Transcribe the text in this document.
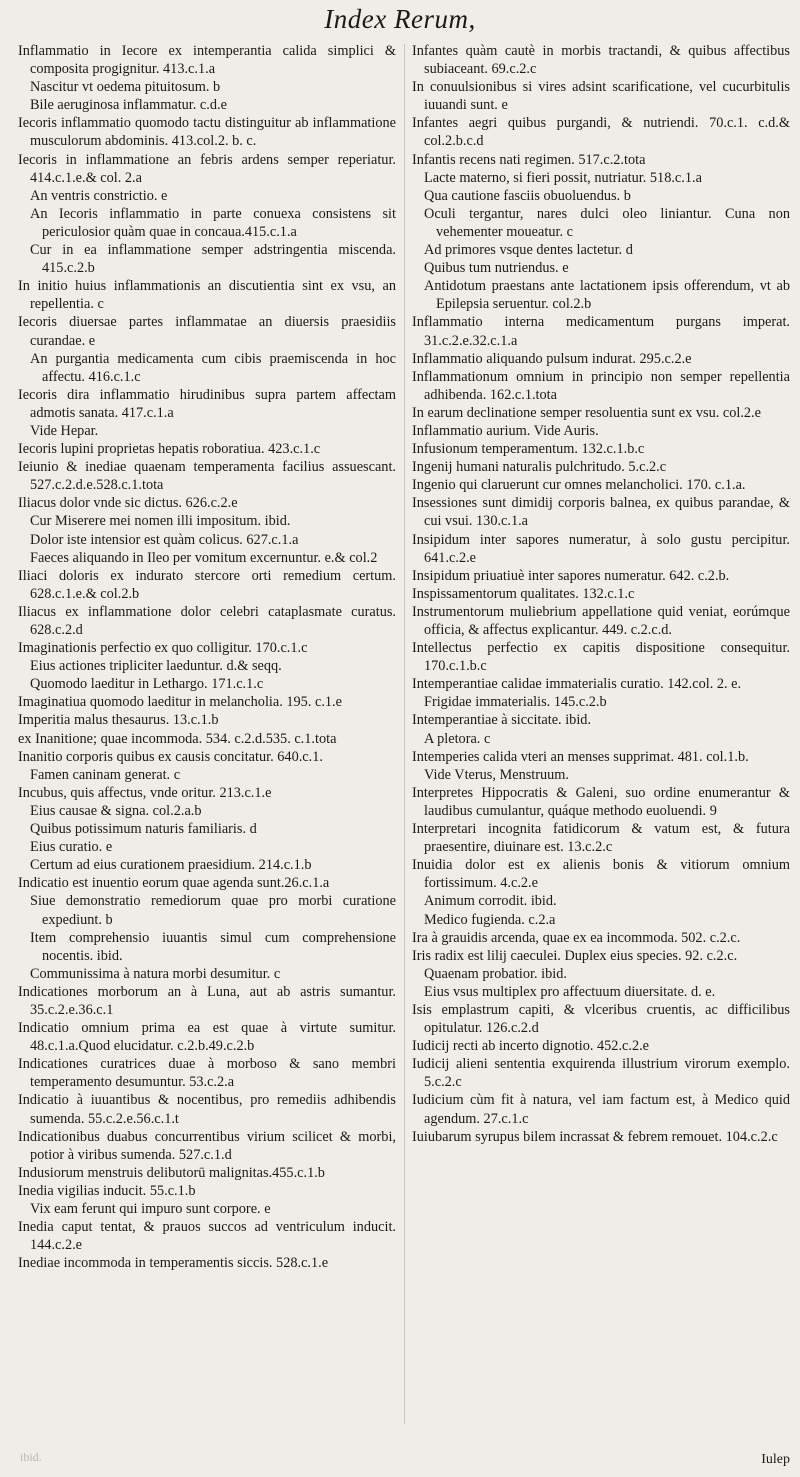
Index Rerum,
Inflammatio in Iecore ex intemperantia calida simplici & composita progignitur. 413.c.1.a
Nascitur vt oedema pituitosum. b
Bile aeruginosa inflammatur. c.d.e
Iecoris inflammatio quomodo tactu distinguitur ab inflammatione musculorum abdominis. 413.col.2. b. c.
Iecoris in inflammatione an febris ardens semper reperiatur. 414.c.1.e.& col. 2.a
An ventris constrictio. e
An Iecoris inflammatio in parte conuexa consistens sit periculosior quàm quae in concaua.415.c.1.a
Cur in ea inflammatione semper adstringentia miscenda. 415.c.2.b
In initio huius inflammationis an discutientia sint ex vsu, an repellentia. c
Iecoris diuersae partes inflammatae an diuersis praesidiis curandae. e
An purgantia medicamenta cum cibis praemiscenda in hoc affectu. 416.c.1.c
Iecoris dira inflammatio hirudinibus supra partem affectam admotis sanata. 417.c.1.a
Vide Hepar.
Iecoris lupini proprietas hepatis roboratiua. 423.c.1.c
Ieiunio & inediae quaenam temperamenta facilius assuescant. 527.c.2.d.e.528.c.1.tota
Iliacus dolor vnde sic dictus. 626.c.2.e
Cur Miserere mei nomen illi impositum. ibid.
Dolor iste intensior est quàm colicus. 627.c.1.a
Faeces aliquando in Ileo per vomitum excernuntur. e.& col.2
Iliaci doloris ex indurato stercore orti remedium certum. 628.c.1.e.& col.2.b
Iliacus ex inflammatione dolor celebri cataplasmate curatus. 628.c.2.d
Imaginationis perfectio ex quo colligitur. 170.c.1.c
Eius actiones tripliciter laeduntur. d.& seqq.
Quomodo laeditur in Lethargo. 171.c.1.c
Imaginatiua quomodo laeditur in melancholia. 195. c.1.e
Imperitia malus thesaurus. 13.c.1.b
ex Inanitione; quae incommoda. 534. c.2.d.535. c.1.tota
Inanitio corporis quibus ex causis concitatur. 640.c.1.
Famen caninam generat. c
Incubus, quis affectus, vnde oritur. 213.c.1.e
Eius causae & signa. col.2.a.b
Quibus potissimum naturis familiaris. d
Eius curatio. e
Certum ad eius curationem praesidium. 214.c.1.b
Indicatio est inuentio eorum quae agenda sunt.26.c.1.a
Siue demonstratio remediorum quae pro morbi curatione expediunt. b
Item comprehensio iuuantis simul cum comprehensione nocentis. ibid.
Communissima à natura morbi desumitur. c
Indicationes morborum an à Luna, aut ab astris sumantur. 35.c.2.e.36.c.1
Indicatio omnium prima ea est quae à virtute sumitur. 48.c.1.a.Quod elucidatur. c.2.b.49.c.2.b
Indicationes curatrices duae à morboso & sano membri temperamento desumuntur. 53.c.2.a
Indicatio à iuuantibus & nocentibus, pro remediis adhibendis sumenda. 55.c.2.e.56.c.1.t
Indicationibus duabus concurrentibus virium scilicet & morbi, potior à viribus sumenda. 527.c.1.d
Indusiorum menstruis delibutorū malignitas.455.c.1.b
Inedia vigilias inducit. 55.c.1.b
Vix eam ferunt qui impuro sunt corpore. e
Inedia caput tentat, & prauos succos ad ventriculum inducit. 144.c.2.e
Inediae incommoda in temperamentis siccis. 528.c.1.e
Infantes quàm cautè in morbis tractandi, & quibus affectibus subiaceant. 69.c.2.c
In conuulsionibus si vires adsint scarificatione, vel cucurbitulis iuuandi sunt. e
Infantes aegri quibus purgandi, & nutriendi. 70.c.1. c.d.& col.2.b.c.d
Infantis recens nati regimen. 517.c.2.tota
Lacte materno, si fieri possit, nutriatur. 518.c.1.a
Qua cautione fasciis obuoluendus. b
Oculi tergantur, nares dulci oleo liniantur. Cuna non vehementer moueatur. c
Ad primores vsque dentes lactetur. d
Quibus tum nutriendus. e
Antidotum praestans ante lactationem ipsis offerendum, vt ab Epilepsia seruentur. col.2.b
Inflammatio interna medicamentum purgans imperat. 31.c.2.e.32.c.1.a
Inflammatio aliquando pulsum indurat. 295.c.2.e
Inflammationum omnium in principio non semper repellentia adhibenda. 162.c.1.tota
In earum declinatione semper resoluentia sunt ex vsu. col.2.e
Inflammatio aurium. Vide Auris.
Infusionum temperamentum. 132.c.1.b.c
Ingenij humani naturalis pulchritudo. 5.c.2.c
Ingenio qui claruerunt cur omnes melancholici. 170. c.1.a.
Insessiones sunt dimidij corporis balnea, ex quibus parandae, & cui vsui. 130.c.1.a
Insipidum inter sapores numeratur, à solo gustu percipitur. 641.c.2.e
Insipidum priuatiuè inter sapores numeratur. 642. c.2.b.
Inspissamentorum qualitates. 132.c.1.c
Instrumentorum muliebrium appellatione quid veniat, eorúmque officia, & affectus explicantur. 449. c.2.c.d.
Intellectus perfectio ex capitis dispositione consequitur. 170.c.1.b.c
Intemperantiae calidae immaterialis curatio. 142.col. 2. e.
Frigidae immaterialis. 145.c.2.b
Intemperantiae à siccitate. ibid.
A pletora. c
Intemperies calida vteri an menses supprimat. 481. col.1.b.
Vide Vterus, Menstruum.
Interpretes Hippocratis & Galeni, suo ordine enumerantur & laudibus cumulantur, quáque methodo euoluendi. 9
Interpretari incognita fatidicorum & vatum est, & futura praesentire, diuinare est. 13.c.2.c
Inuidia dolor est ex alienis bonis & vitiorum omnium fortissimum. 4.c.2.e
Animum corrodit. ibid.
Medico fugienda. c.2.a
Ira à grauidis arcenda, quae ex ea incommoda. 502. c.2.c.
Iris radix est lilij caeculei. Duplex eius species. 92. c.2.c.
Quaenam probatior. ibid.
Eius vsus multiplex pro affectuum diuersitate. d. e.
Isis emplastrum capiti, & vlceribus cruentis, ac difficilibus opitulatur. 126.c.2.d
Iudicij recti ab incerto dignotio. 452.c.2.e
Iudicij alieni sententia exquirenda illustrium virorum exemplo. 5.c.2.c
Iudicium cùm fit à natura, vel iam factum est, à Medico quid agendum. 27.c.1.c
Iuiubarum syrupus bilem incrassat & febrem remouet. 104.c.2.c
ibid.	Iulep
